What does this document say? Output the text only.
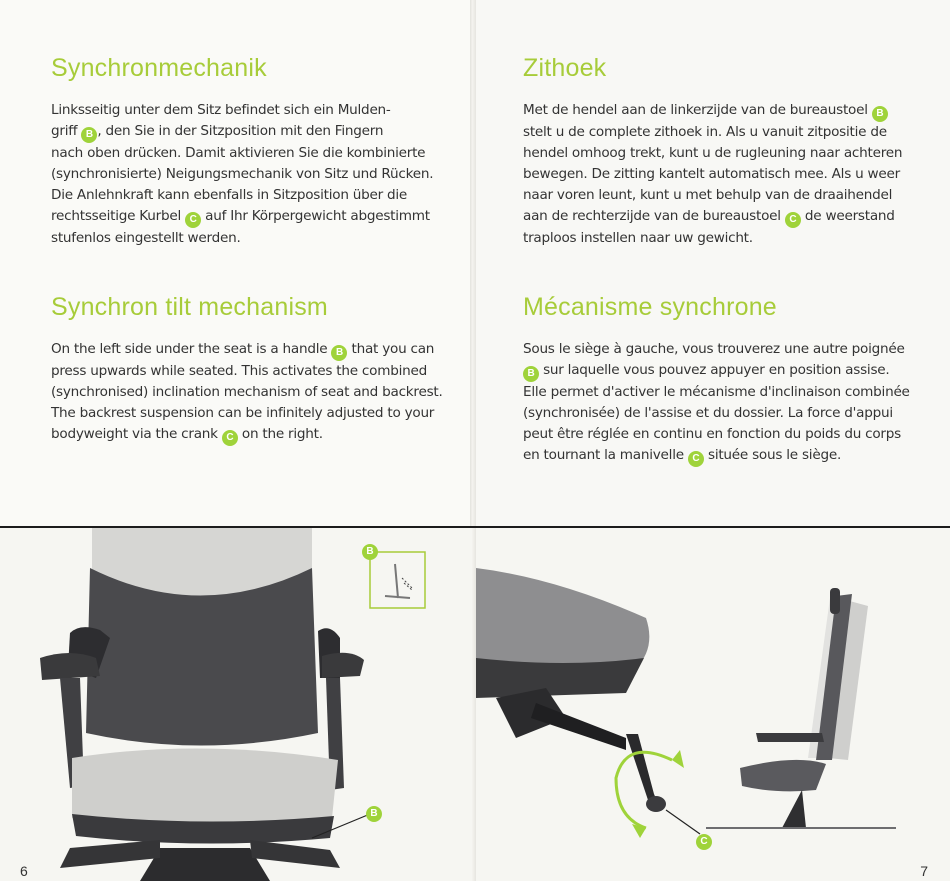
Synchronmechanik

Linksseitig unter dem Sitz befindet sich ein Mulden-
griff B , den Sie in der Sitzposition mit den Fingern
nach oben drücken. Damit aktivieren Sie die kombinierte
(synchronisierte) Neigungsmechanik von Sitz und Rücken.
Die Anlehnkraft kann ebenfalls in Sitzposition über die
rechtsseitige Kurbel C auf Ihr Körpergewicht abgestimmt
stufenlos eingestellt werden.

Synchron tilt mechanism

On the left side under the seat is a handle B that you can
press upwards while seated. This activates the combined
(synchronised) inclination mechanism of seat and backrest.
The backrest suspension can be infinitely adjusted to your
bodyweight via the crank C on the right.

Zithoek

Met de hendel aan de linkerzijde van de bureaustoel B
stelt u de complete zithoek in. Als u vanuit zitpositie de
hendel omhoog trekt, kunt u de rugleuning naar achteren
bewegen. De zitting kantelt automatisch mee. Als u weer
naar voren leunt, kunt u met behulp van de draaihendel
aan de rechterzijde van de bureaustoel C de weerstand
traploos instellen naar uw gewicht.

Mécanisme synchrone

Sous le siège à gauche, vous trouverez une autre poignée
B sur laquelle vous pouvez appuyer en position assise.
Elle permet d'activer le mécanisme d'inclinaison combinée
(synchronisée) de l'assise et du dossier. La force d'appui
peut être réglée en continu en fonction du poids du corps
en tournant la manivelle C située sous le siège.

B
B
C
6	7
